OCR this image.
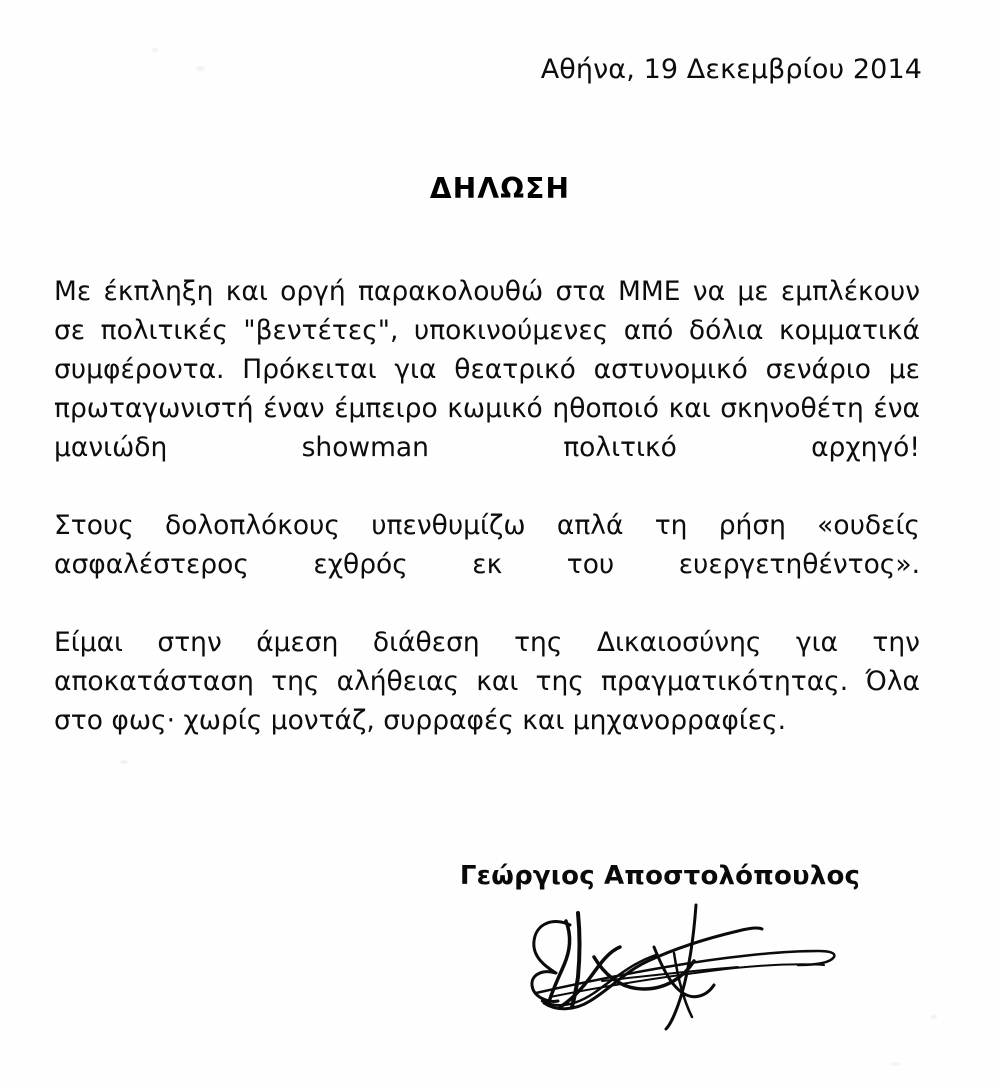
Αθήνα, 19 Δεκεμβρίου 2014
ΔΗΛΩΣΗ

Με έκπληξη και οργή παρακολουθώ στα ΜΜΕ να με εμπλέκουν σε πολιτικές "βεντέτες", υποκινούμενες από δόλια κομματικά συμφέροντα. Πρόκειται για θεατρικό αστυνομικό σενάριο με πρωταγωνιστή έναν έμπειρο κωμικό ηθοποιό και σκηνοθέτη ένα μανιώδη showman πολιτικό αρχηγό!

Στους δολοπλόκους υπενθυμίζω απλά τη ρήση «ουδείς ασφαλέστερος εχθρός εκ του ευεργετηθέντος».

Είμαι στην άμεση διάθεση της Δικαιοσύνης για την αποκατάσταση της αλήθειας και της πραγματικότητας. Όλα στο φως· χωρίς μοντάζ, συρραφές και μηχανορραφίες.

Γεώργιος Αποστολόπουλος
